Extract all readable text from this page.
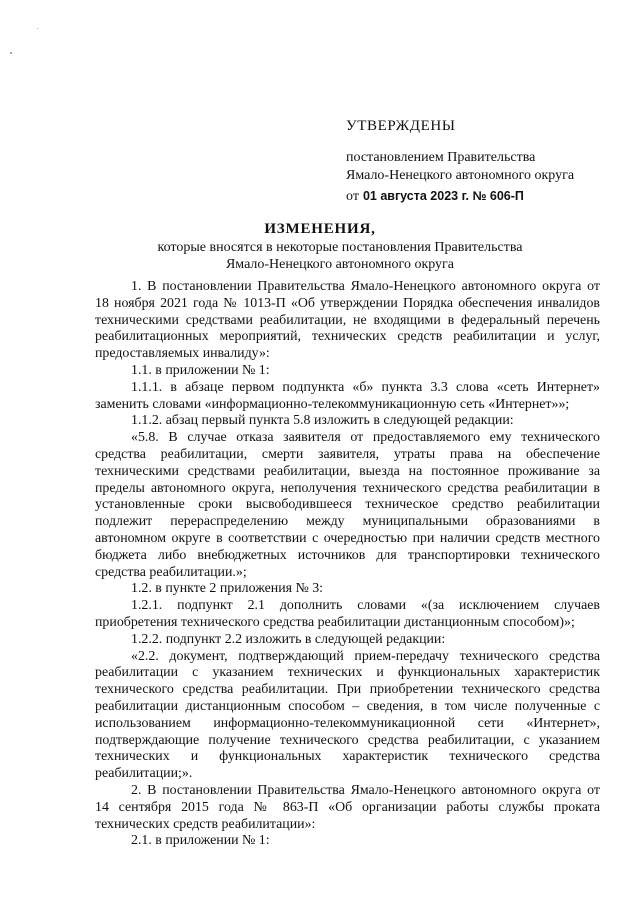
УТВЕРЖДЕНЫ
постановлением Правительства
Ямало-Ненецкого автономного округа
от 01 августа 2023 г. № 606-П
ИЗМЕНЕНИЯ,
которые вносятся в некоторые постановления Правительства
Ямало-Ненецкого автономного округа

1. В постановлении Правительства Ямало-Ненецкого автономного округа от 18 ноября 2021 года № 1013-П «Об утверждении Порядка обеспечения инвалидов техническими средствами реабилитации, не входящими в федеральный перечень реабилитационных мероприятий, технических средств реабилитации и услуг, предоставляемых инвалиду»:

1.1. в приложении № 1:

1.1.1. в абзаце первом подпункта «б» пункта 3.3 слова «сеть Интернет» заменить словами «информационно-телекоммуникационную сеть «Интернет»»;

1.1.2. абзац первый пункта 5.8 изложить в следующей редакции:

«5.8. В случае отказа заявителя от предоставляемого ему технического средства реабилитации, смерти заявителя, утраты права на обеспечение техническими средствами реабилитации, выезда на постоянное проживание за пределы автономного округа, неполучения технического средства реабилитации в установленные сроки высвободившееся техническое средство реабилитации подлежит перераспределению между муниципальными образованиями в автономном округе в соответствии с очередностью при наличии средств местного бюджета либо внебюджетных источников для транспортировки технического средства реабилитации.»;

1.2. в пункте 2 приложения № 3:

1.2.1. подпункт 2.1 дополнить словами «(за исключением случаев приобретения технического средства реабилитации дистанционным способом)»;

1.2.2. подпункт 2.2 изложить в следующей редакции:

«2.2. документ, подтверждающий прием-передачу технического средства реабилитации с указанием технических и функциональных характеристик технического средства реабилитации. При приобретении технического средства реабилитации дистанционным способом – сведения, в том числе полученные с использованием информационно-телекоммуникационной сети «Интернет», подтверждающие получение технического средства реабилитации, с указанием технических и функциональных характеристик технического средства реабилитации;».

2. В постановлении Правительства Ямало-Ненецкого автономного округа от 14 сентября 2015 года № 863-П «Об организации работы службы проката технических средств реабилитации»:

2.1. в приложении № 1:
